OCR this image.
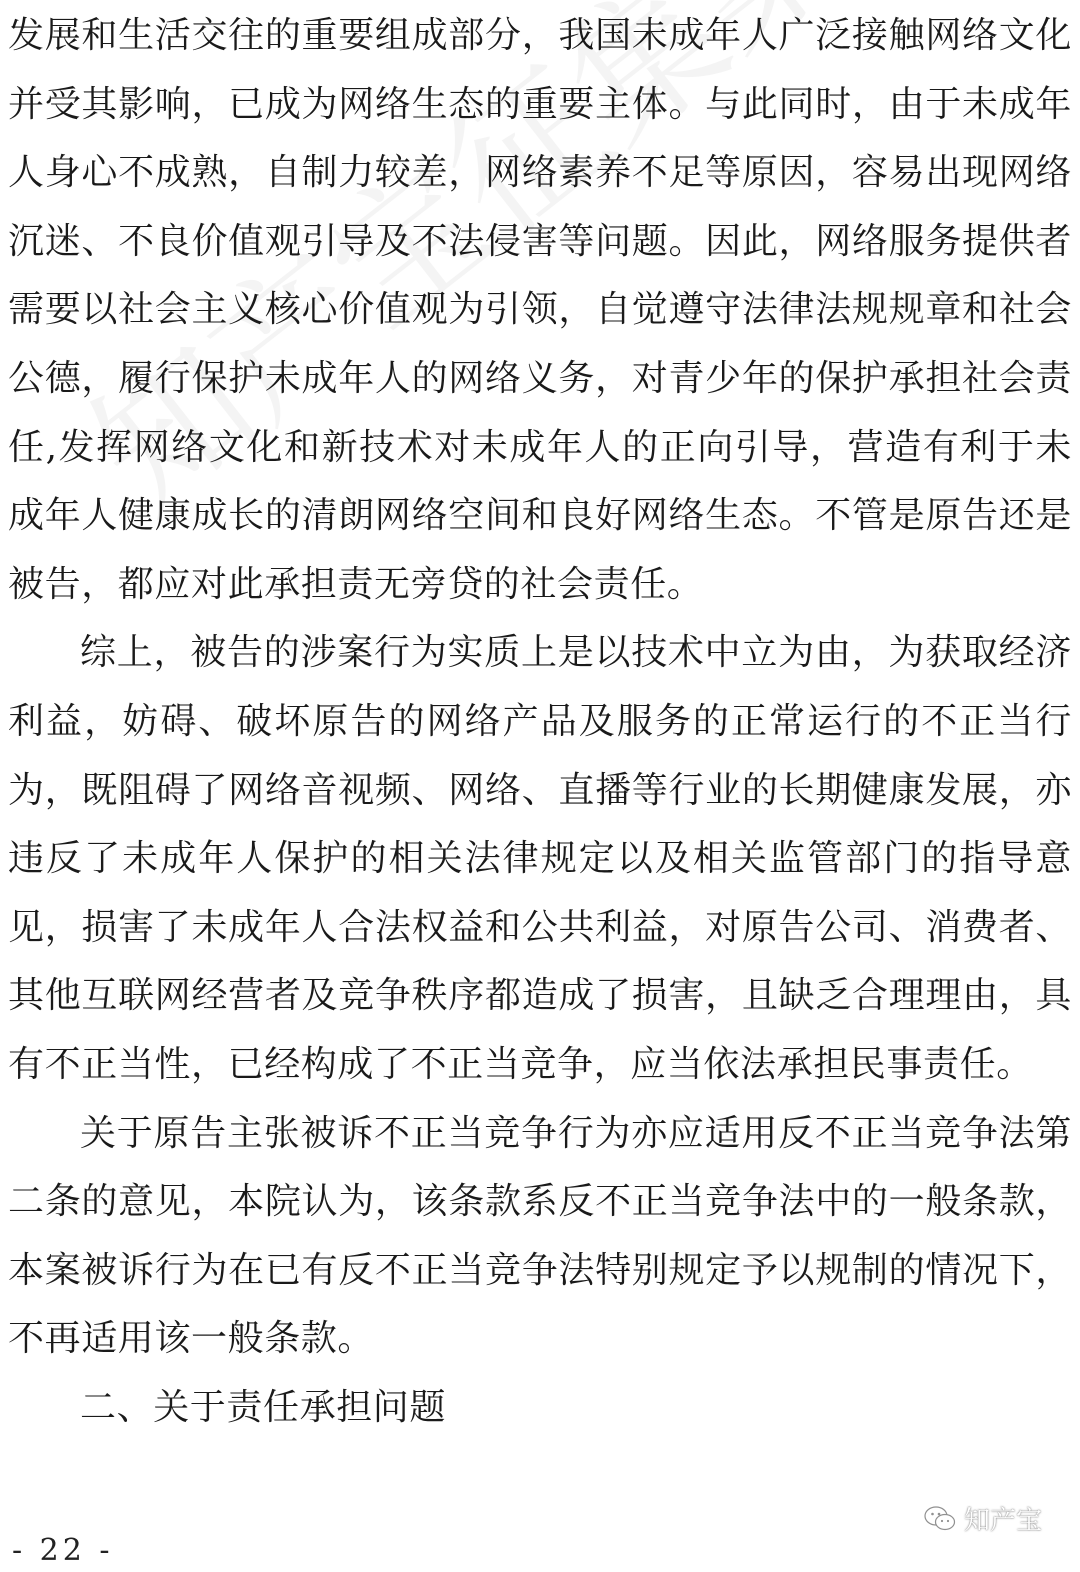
发展和生活交往的重要组成部分，我国未成年人广泛接触网络文化并受其影响，已成为网络生态的重要主体。与此同时，由于未成年人身心不成熟，自制力较差，网络素养不足等原因，容易出现网络沉迷、不良价值观引导及不法侵害等问题。因此，网络服务提供者需要以社会主义核心价值观为引领，自觉遵守法律法规规章和社会公德，履行保护未成年人的网络义务，对青少年的保护承担社会责任,发挥网络文化和新技术对未成年人的正向引导，营造有利于未成年人健康成长的清朗网络空间和良好网络生态。不管是原告还是被告，都应对此承担责无旁贷的社会责任。

综上，被告的涉案行为实质上是以技术中立为由，为获取经济利益，妨碍、破坏原告的网络产品及服务的正常运行的不正当行为，既阻碍了网络音视频、网络、直播等行业的长期健康发展，亦违反了未成年人保护的相关法律规定以及相关监管部门的指导意见，损害了未成年人合法权益和公共利益，对原告公司、消费者、其他互联网经营者及竞争秩序都造成了损害，且缺乏合理理由，具有不正当性，已经构成了不正当竞争，应当依法承担民事责任。

关于原告主张被诉不正当竞争行为亦应适用反不正当竞争法第二条的意见，本院认为，该条款系反不正当竞争法中的一般条款，本案被诉行为在已有反不正当竞争法特别规定予以规制的情况下，不再适用该一般条款。

二、关于责任承担问题

- 22 -
知产宝
